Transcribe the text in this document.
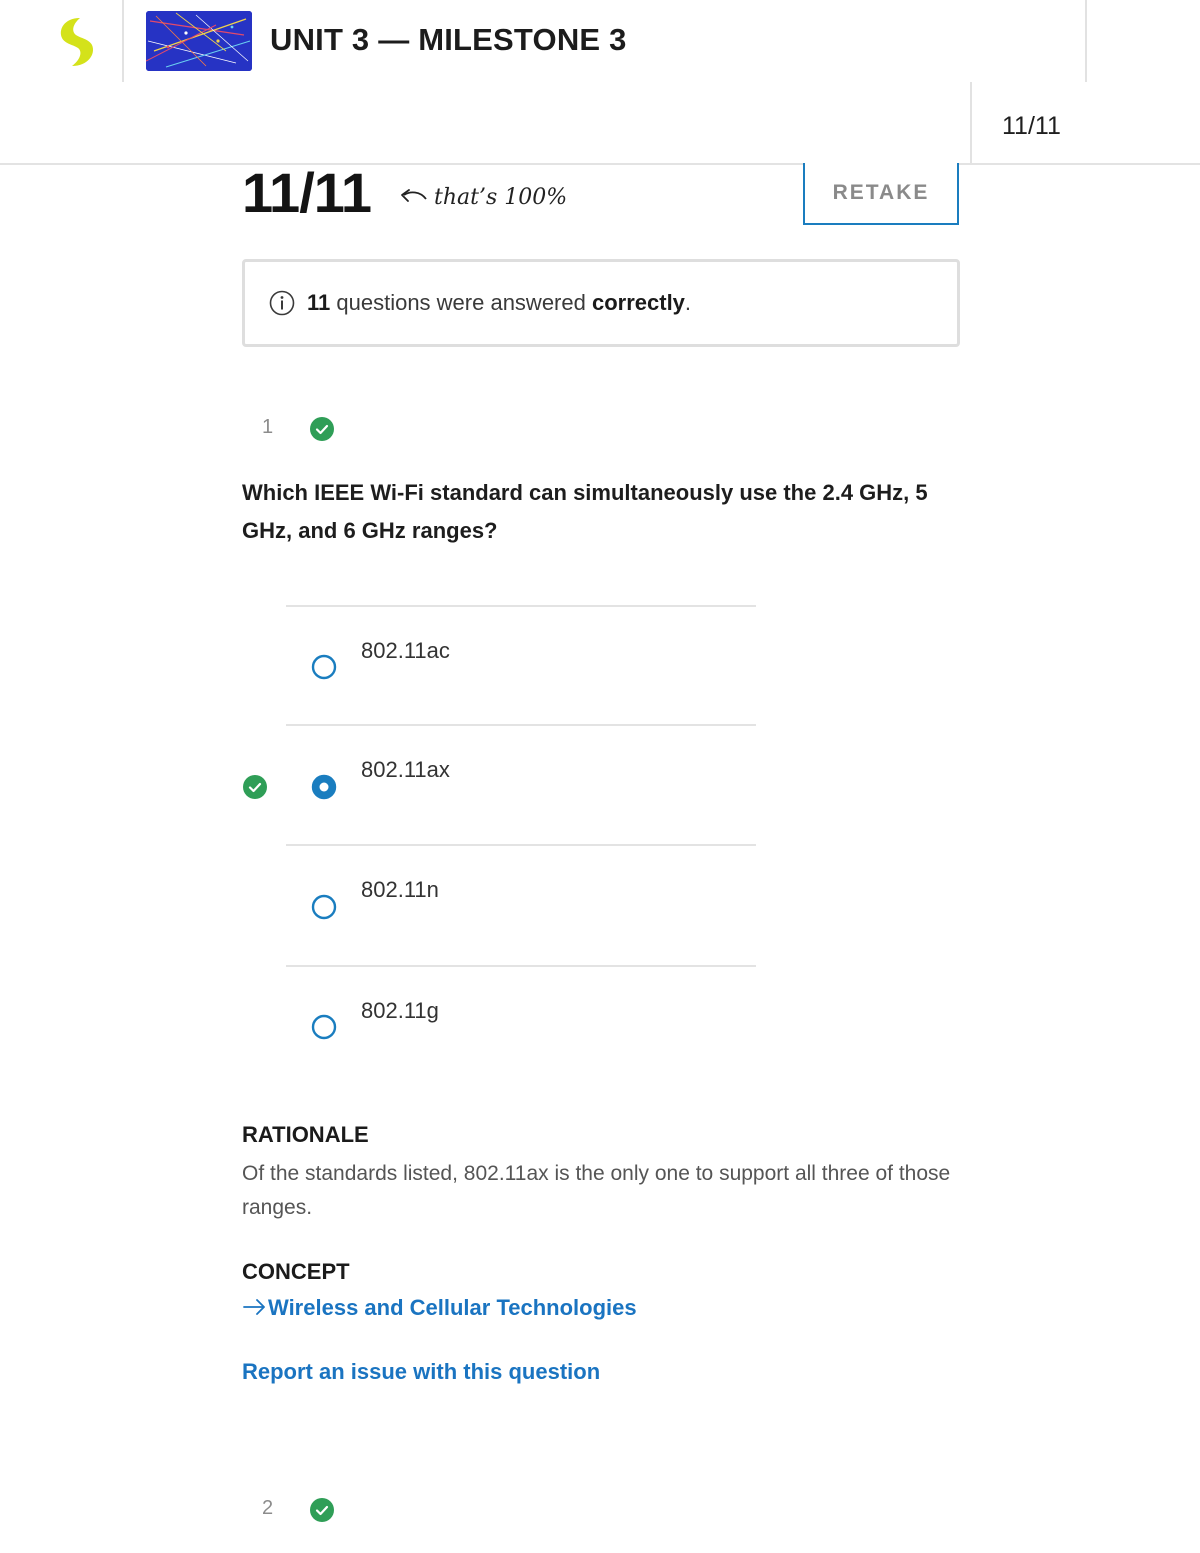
UNIT 3 — MILESTONE 3
11/11
11/11	that’s 100%	RETAKE
11 questions were answered correctly.
1
Which IEEE Wi-Fi standard can simultaneously use the 2.4 GHz, 5 GHz, and 6 GHz ranges?
802.11ac
802.11ax
802.11n
802.11g
RATIONALE
Of the standards listed, 802.11ax is the only one to support all three of those ranges.
CONCEPT
Wireless and Cellular Technologies
Report an issue with this question
2
